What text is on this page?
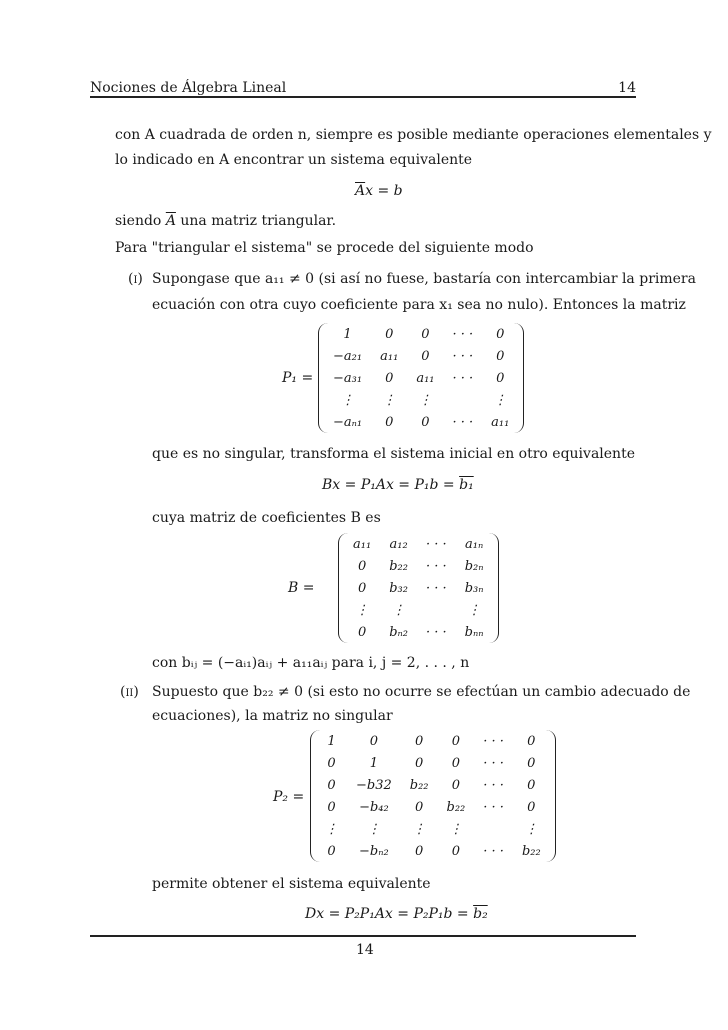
Nociones de Álgebra Lineal	14
con A cuadrada de orden n, siempre es posible mediante operaciones elementales y
lo indicado en A encontrar un sistema equivalente
$\overline{A}x = b$
siendo $\overline{A}$ una matriz triangular.
Para "triangular el sistema" se procede del siguiente modo
(i) Supongase que a₁₁ ≠ 0 (si así no fuese, bastaría con intercambiar la primera
ecuación con otra cuyo coeficiente para x₁ sea no nulo). Entonces la matriz
P₁ =
1	0	0	· · ·	0
−a₂₁	a₁₁	0	· · ·	0
−a₃₁	0	a₁₁	· · ·	0
⋮	⋮	⋮		⋮
−aₙ₁	0	0	· · ·	a₁₁
que es no singular, transforma el sistema inicial en otro equivalente
Bx = P₁Ax = P₁b = b₁
cuya matriz de coeficientes B es
B =
a₁₁	a₁₂	· · ·	a₁ₙ
0	b₂₂	· · ·	b₂ₙ
0	b₃₂	· · ·	b₃ₙ
⋮	⋮		⋮
0	bₙ₂	· · ·	bₙₙ
con bᵢⱼ = (−aᵢ₁)aᵢⱼ + a₁₁aᵢⱼ para i, j = 2, . . . , n
(ii) Supuesto que b₂₂ ≠ 0 (si esto no ocurre se efectúan un cambio adecuado de
ecuaciones), la matriz no singular
P₂ =
1	0	0	0	· · ·	0
0	1	0	0	· · ·	0
0	−b32	b₂₂	0	· · ·	0
0	−b₄₂	0	b₂₂	· · ·	0
⋮	⋮	⋮	⋮		⋮
0	−bₙ₂	0	0	· · ·	b₂₂
permite obtener el sistema equivalente
Dx = P₂P₁Ax = P₂P₁b = b₂
14
